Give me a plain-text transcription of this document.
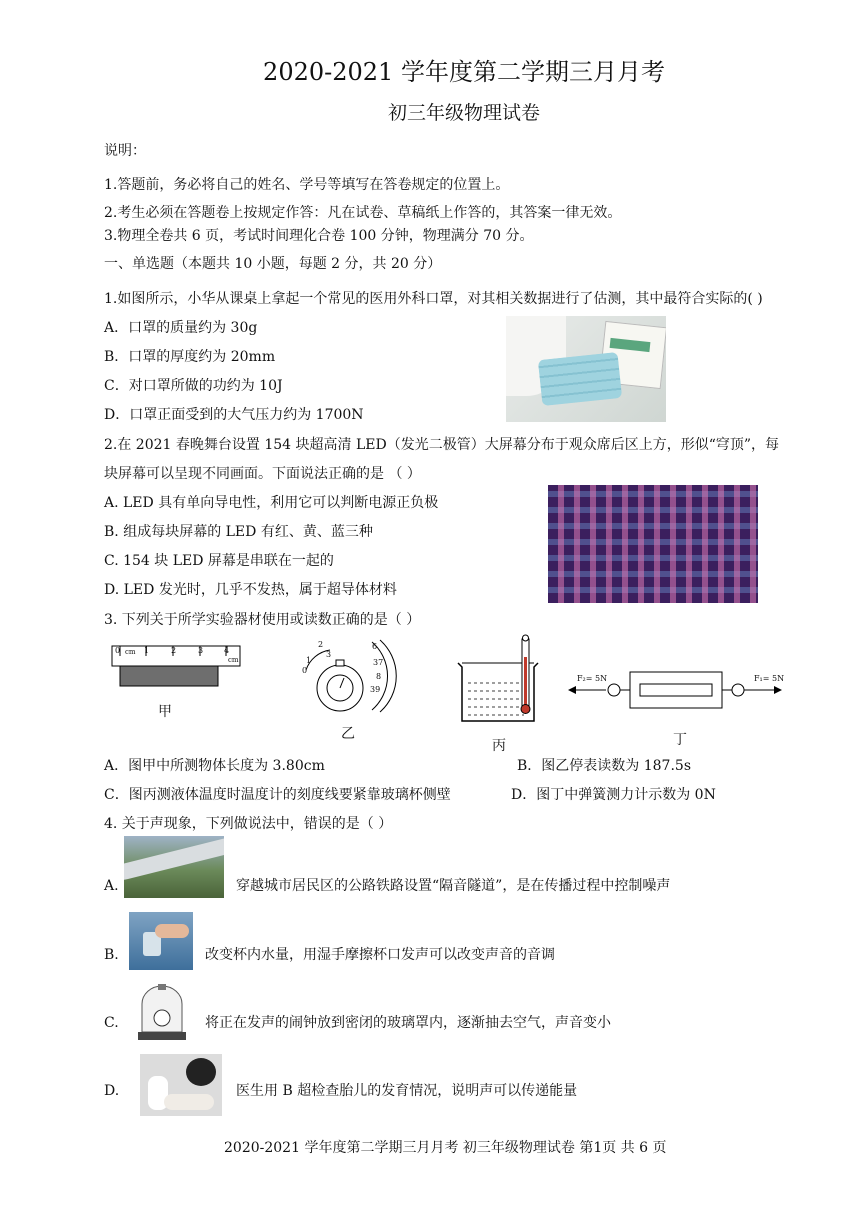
2020-2021 学年度第二学期三月月考
初三年级物理试卷
说明：
1.答题前，务必将自己的姓名、学号等填写在答卷规定的位置上。
2.考生必须在答题卷上按规定作答：凡在试卷、草稿纸上作答的，其答案一律无效。
3.物理全卷共 6 页，考试时间理化合卷 100 分钟，物理满分 70 分。
一、单选题（本题共 10 小题，每题 2 分，共 20 分）
1.如图所示，小华从课桌上拿起一个常见的医用外科口罩，对其相关数据进行了估测，其中最符合实际的( )
A．口罩的质量约为 30g
B．口罩的厚度约为 20mm
C．对口罩所做的功约为 10J
D．口罩正面受到的大气压力约为 1700N
2.在 2021 春晚舞台设置 154 块超高清 LED（发光二极管）大屏幕分布于观众席后区上方，形似“穹顶”，每
块屏幕可以呈现不同画面。下面说法正确的是 （ ）
A. LED 具有单向导电性，利用它可以判断电源正负极
B. 组成每块屏幕的 LED 有红、黄、蓝三种
C. 154 块 LED 屏幕是串联在一起的
D. LED 发光时，几乎不发热，属于超导体材料
3. 下列关于所学实验器材使用或读数正确的是（ ）
0 cm 1	2	3	4
cm
甲
2
3
1
0
6
37
8
39
乙
丙
F₂= 5N	F₁= 5N
丁
A．图甲中所测物体长度为 3.80cm	B．图乙停表读数为 187.5s
C．图丙测液体温度时温度计的刻度线要紧靠玻璃杯侧壁	D．图丁中弹簧测力计示数为 0N
4. 关于声现象，下列做说法中，错误的是（ ）
A.	穿越城市居民区的公路铁路设置“隔音隧道”，是在传播过程中控制噪声
B.	改变杯内水量，用湿手摩擦杯口发声可以改变声音的音调
C.	将正在发声的闹钟放到密闭的玻璃罩内，逐渐抽去空气，声音变小
D.	医生用 B 超检查胎儿的发育情况，说明声可以传递能量
2020-2021 学年度第二学期三月月考 初三年级物理试卷 第1页 共 6 页
